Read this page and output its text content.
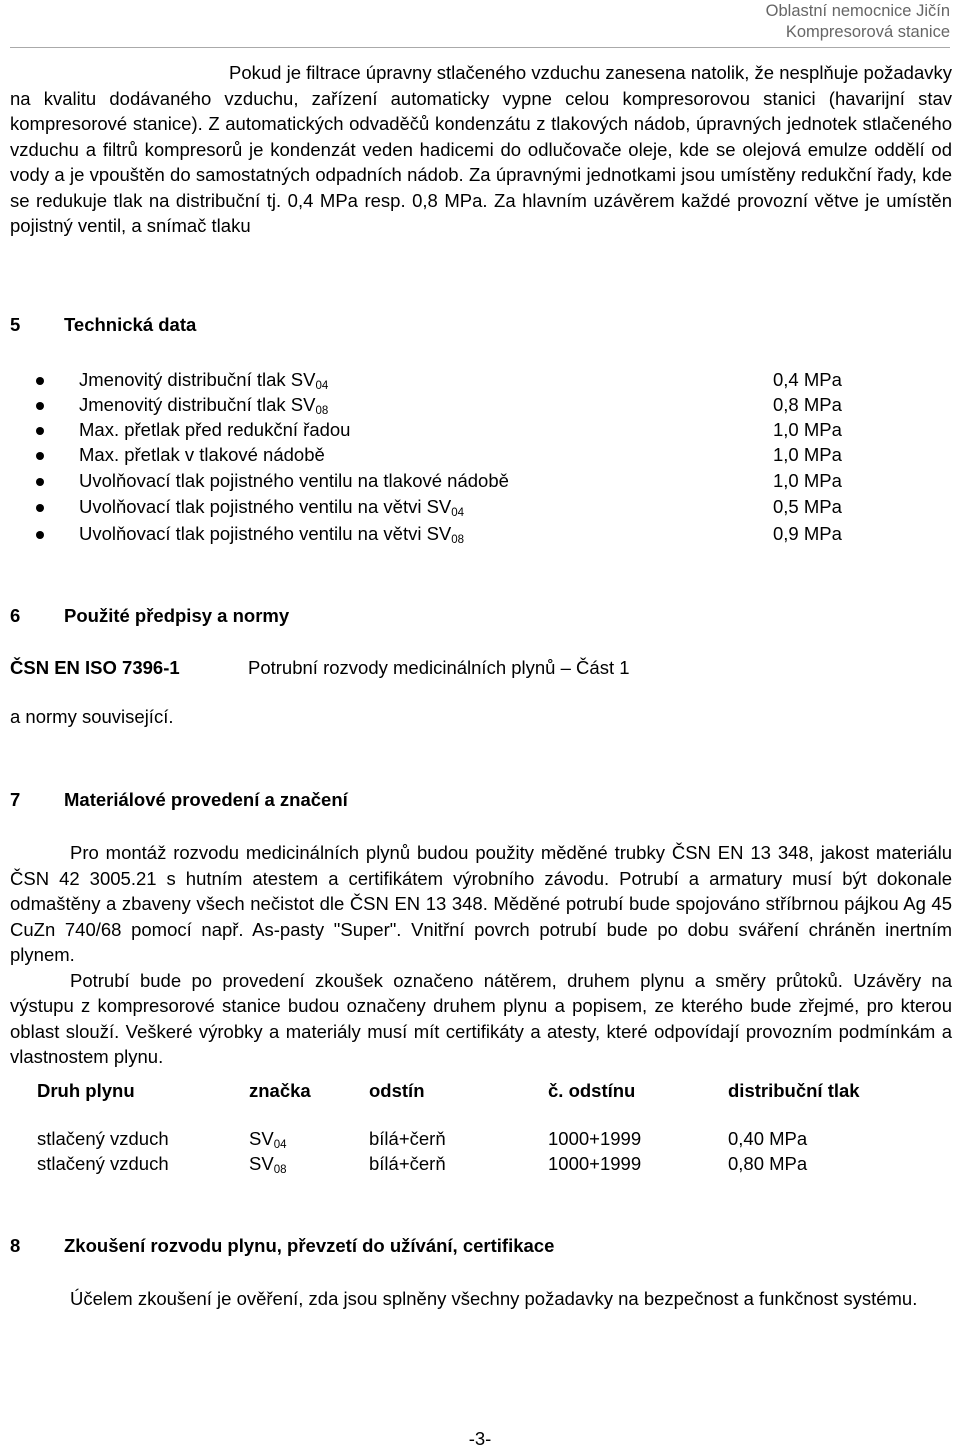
Oblastní nemocnice Jičín
Kompresorová stanice

Pokud je filtrace úpravny stlačeného vzduchu zanesena natolik, že nesplňuje požadavky

na kvalitu dodávaného vzduchu, zařízení automaticky vypne celou kompresorovou stanici (havarijní stav kompresorové stanice). Z automatických odvaděčů kondenzátu z tlakových nádob, úpravných jednotek stlačeného vzduchu a filtrů kompresorů je kondenzát veden hadicemi do odlučovače oleje, kde se olejová emulze oddělí od vody a je vpouštěn do samostatných odpadních nádob. Za úpravnými jednotkami jsou umístěny redukční řady, kde se redukuje tlak na distribuční tj. 0,4 MPa resp. 0,8 MPa. Za hlavním uzávěrem každé provozní větve je umístěn pojistný ventil, a snímač tlaku

5 Technická data
Jmenovitý distribuční tlak $SV_{04}$	0,4 MPa
Jmenovitý distribuční tlak $SV_{08}$	0,8 MPa
Max. přetlak před redukční řadou	1,0 MPa
Max. přetlak v tlakové nádobě	1,0 MPa
Uvolňovací tlak pojistného ventilu na tlakové nádobě	1,0 MPa
Uvolňovací tlak pojistného ventilu na větvi $SV_{04}$	0,5 MPa
Uvolňovací tlak pojistného ventilu na větvi $SV_{08}$	0,9 MPa
6 Použité předpisy a normy
ČSN EN ISO 7396-1	Potrubní rozvody medicinálních plynů – Část 1
a normy související.
7 Materiálové provedení a značení

Pro montáž rozvodu medicinálních plynů budou použity měděné trubky ČSN EN 13 348, jakost materiálu ČSN 42 3005.21 s hutním atestem a certifikátem výrobního závodu. Potrubí a armatury musí být dokonale odmaštěny a zbaveny všech nečistot dle ČSN EN 13 348. Měděné potrubí bude spojováno stříbrnou pájkou Ag 45 CuZn 740/68 pomocí např. As-pasty "Super". Vnitřní povrch potrubí bude po dobu sváření chráněn inertním plynem.

Potrubí bude po provedení zkoušek označeno nátěrem, druhem plynu a směry průtoků. Uzávěry na výstupu z kompresorové stanice budou označeny druhem plynu a popisem, ze kterého bude zřejmé, pro kterou oblast slouží. Veškeré výrobky a materiály musí mít certifikáty a atesty, které odpovídají provozním podmínkám a vlastnostem plynu.

Druh plynu	značka	odstín	č. odstínu	distribuční tlak
stlačený vzduch	$SV_{04}$	bílá+čerň	1000+1999	0,40 MPa
stlačený vzduch	$SV_{08}$	bílá+čerň	1000+1999	0,80 MPa
8 Zkoušení rozvodu plynu, převzetí do užívání, certifikace

Účelem zkoušení je ověření, zda jsou splněny všechny požadavky na bezpečnost a funkčnost systému.

-3-
